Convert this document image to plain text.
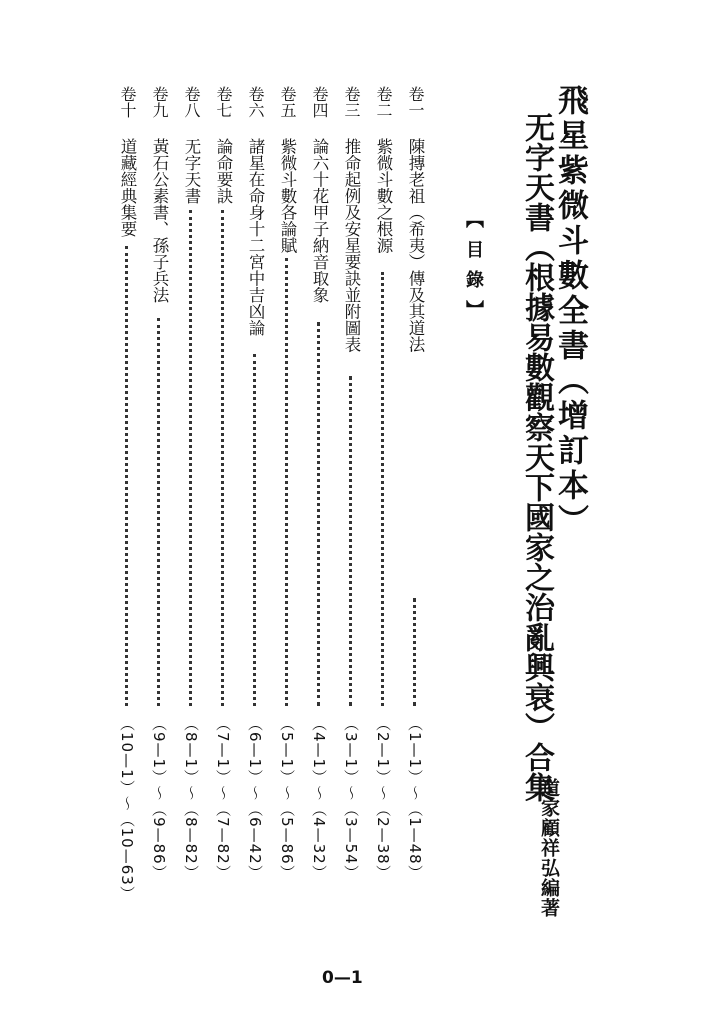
飛星紫微斗數全書（增訂本）
无字天書（根據易數觀察天下國家之治亂興衰）合集
【目錄】
道家顧祥弘編著
卷一
陳摶老祖（希夷）傳及其道法
（1—1）～（1—48）
卷二
紫微斗數之根源
（2—1）～（2—38）
卷三
推命起例及安星要訣並附圖表
（3—1）～（3—54）
卷四
論六十花甲子納音取象
（4—1）～（4—32）
卷五
紫微斗數各論賦
（5—1）～（5—86）
卷六
諸星在命身十二宮中吉凶論
（6—1）～（6—42）
卷七
論命要訣
（7—1）～（7—82）
卷八
无字天書
（8—1）～（8—82）
卷九
黃石公素書、孫子兵法
（9—1）～（9—86）
卷十
道藏經典集要
（10—1）～（10—63）
0—1
